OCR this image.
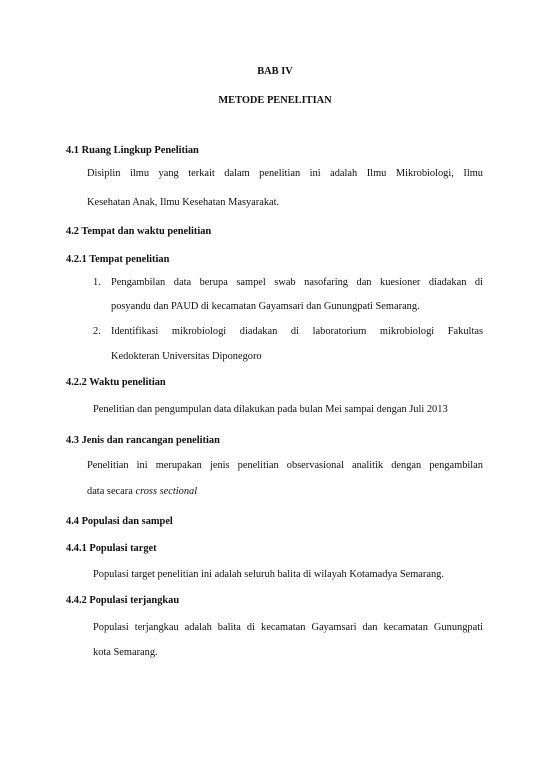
BAB IV
METODE PENELITIAN
4.1 Ruang Lingkup Penelitian
Disiplin ilmu yang terkait dalam penelitian ini adalah Ilmu Mikrobiologi, Ilmu
Kesehatan Anak, Ilmu Kesehatan Masyarakat.
4.2 Tempat dan waktu penelitian
4.2.1 Tempat penelitian
1. Pengambilan data berupa sampel swab nasofaring dan kuesioner diadakan di
posyandu dan PAUD di kecamatan Gayamsari dan Gunungpati Semarang.
2. Identifikasi mikrobiologi diadakan di laboratorium mikrobiologi Fakultas
Kedokteran Universitas Diponegoro
4.2.2 Waktu penelitian
Penelitian dan pengumpulan data dilakukan pada bulan Mei sampai dengan Juli 2013
4.3 Jenis dan rancangan penelitian
Penelitian ini merupakan jenis penelitian observasional analitik dengan pengambilan
data secara cross sectional
4.4 Populasi dan sampel
4.4.1 Populasi target
Populasi target penelitian ini adalah seluruh balita di wilayah Kotamadya Semarang.
4.4.2 Populasi terjangkau
Populasi terjangkau adalah balita di kecamatan Gayamsari dan kecamatan Gunungpati
kota Semarang.
